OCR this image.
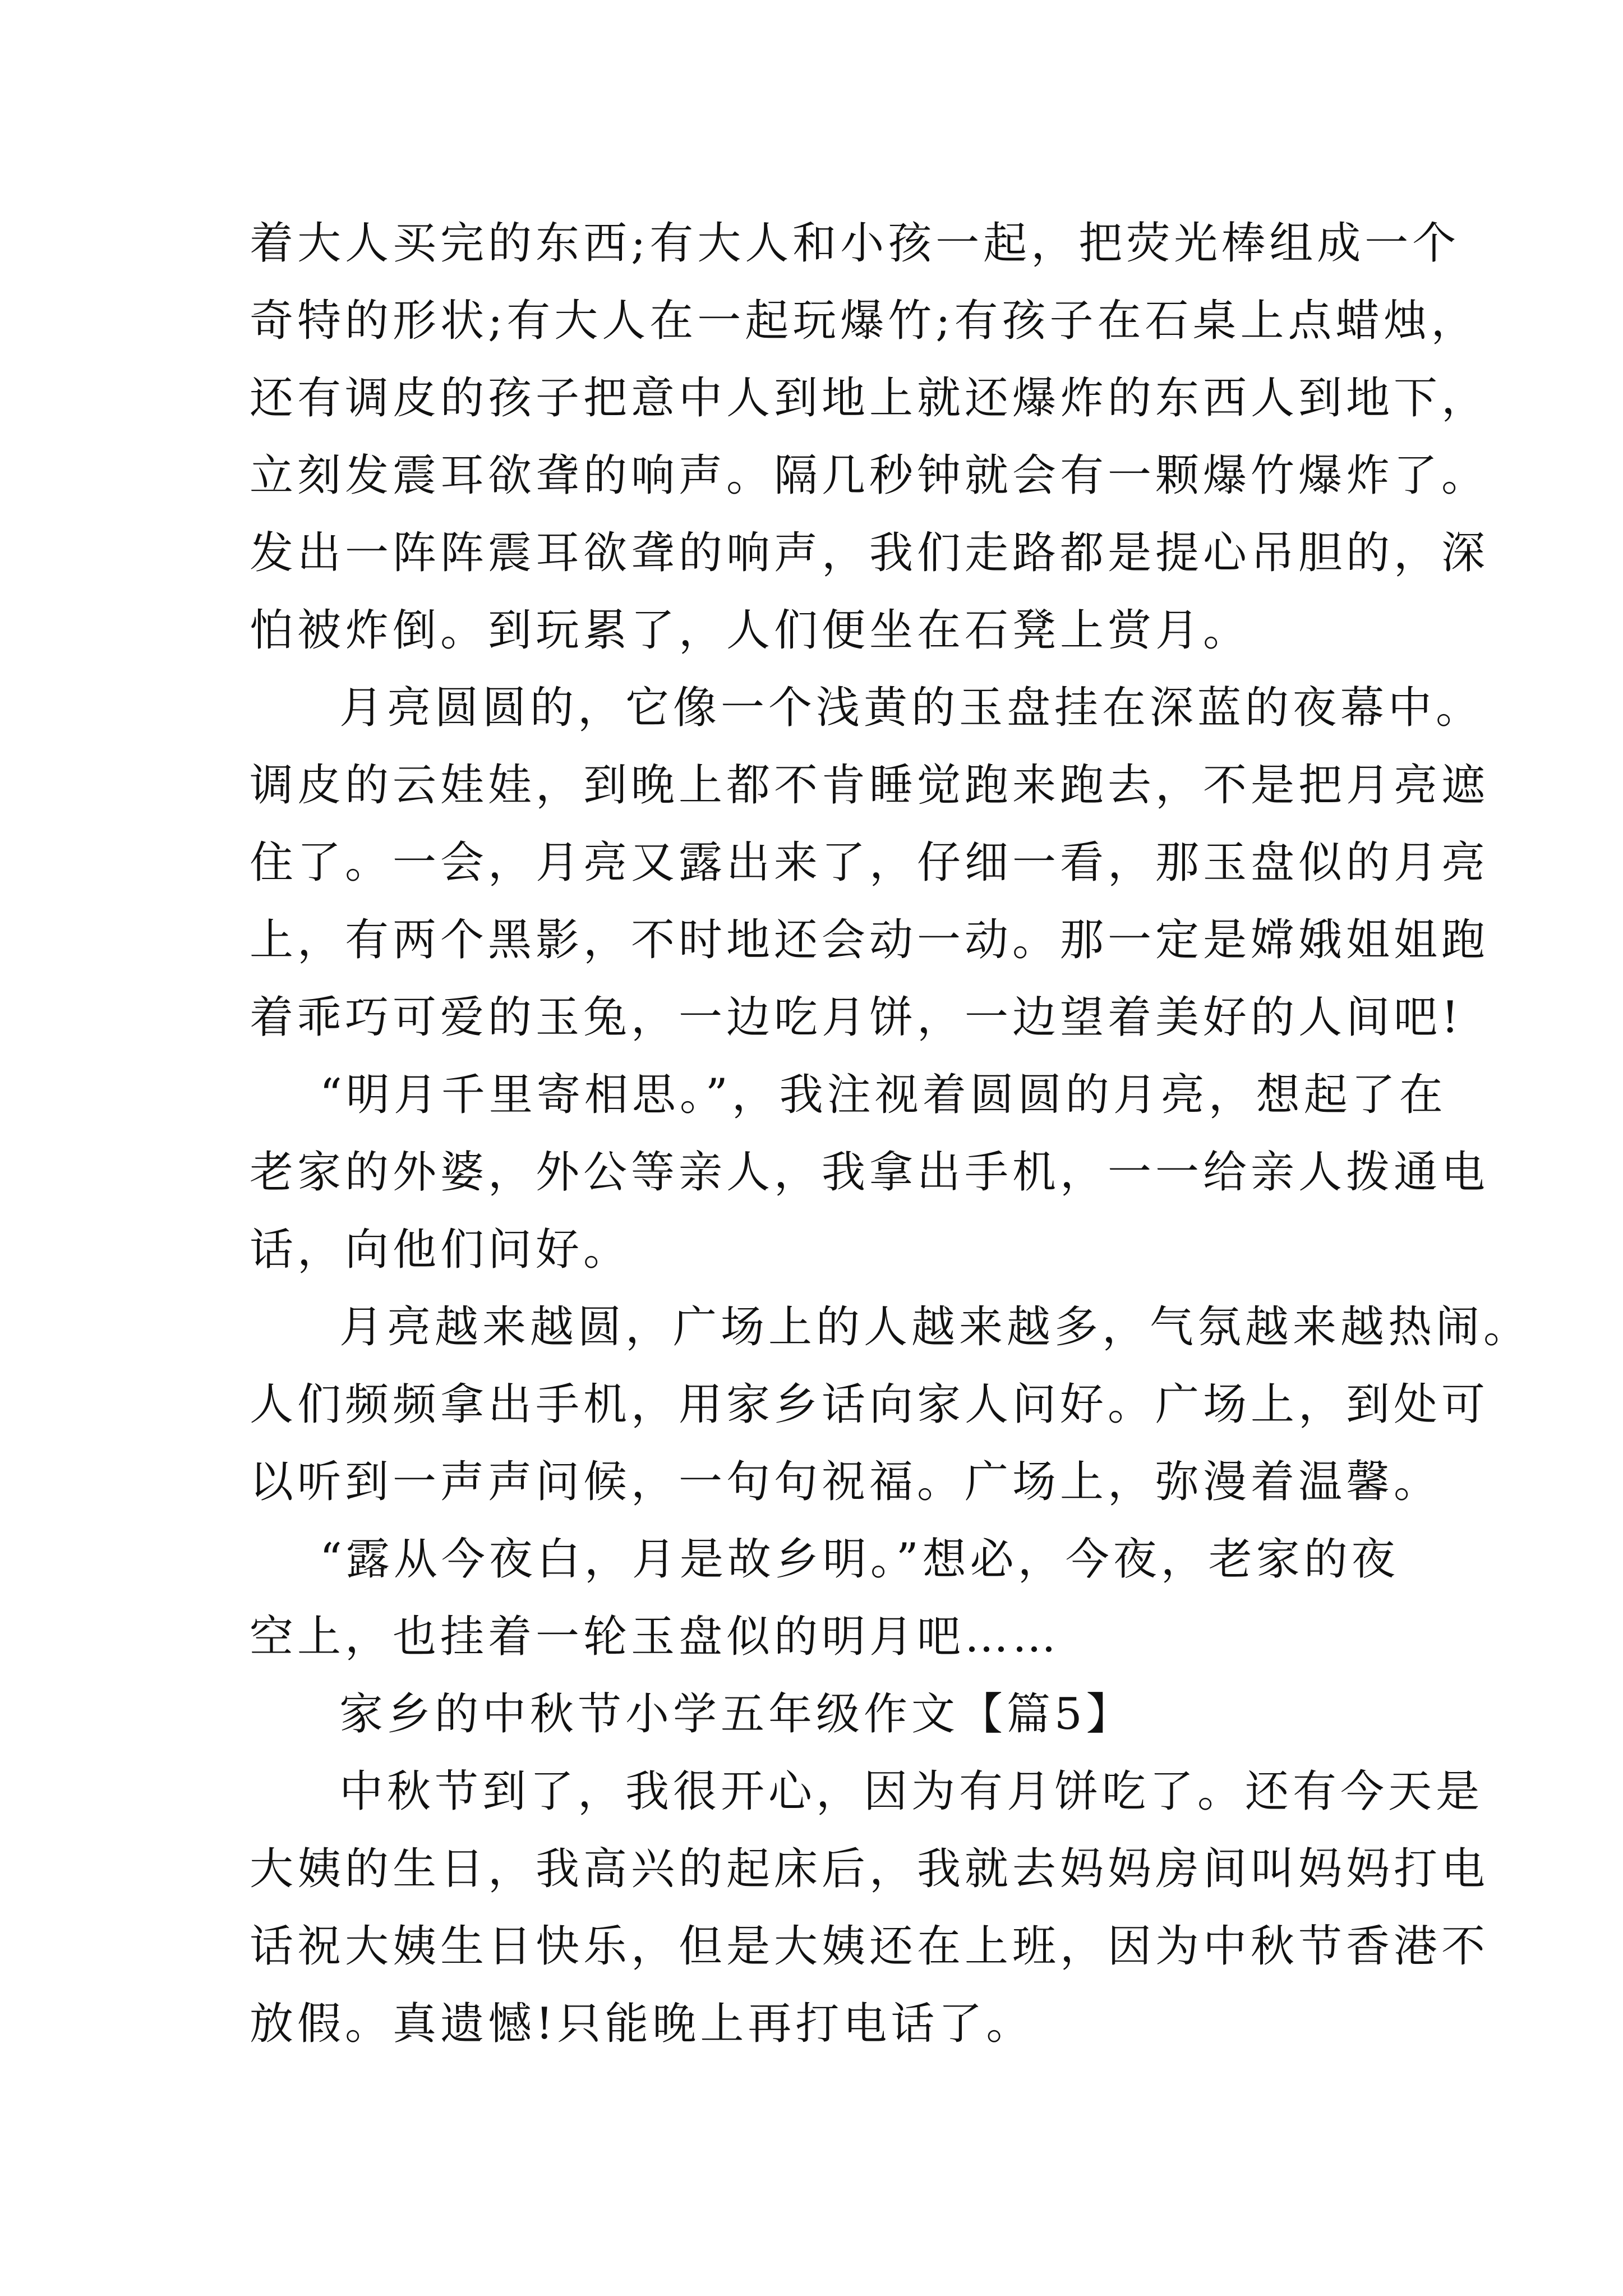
着大人买完的东西;有大人和小孩一起，把荧光棒组成一个
奇特的形状;有大人在一起玩爆竹;有孩子在石桌上点蜡烛，
还有调皮的孩子把意中人到地上就还爆炸的东西人到地下，
立刻发震耳欲聋的响声。隔几秒钟就会有一颗爆竹爆炸了。
发出一阵阵震耳欲聋的响声，我们走路都是提心吊胆的，深
怕被炸倒。到玩累了，人们便坐在石凳上赏月。
月亮圆圆的，它像一个浅黄的玉盘挂在深蓝的夜幕中。
调皮的云娃娃，到晚上都不肯睡觉跑来跑去，不是把月亮遮
住了。一会，月亮又露出来了，仔细一看，那玉盘似的月亮
上，有两个黑影，不时地还会动一动。那一定是嫦娥姐姐跑
着乖巧可爱的玉兔，一边吃月饼，一边望着美好的人间吧!
“明月千里寄相思。”，我注视着圆圆的月亮，想起了在
老家的外婆，外公等亲人，我拿出手机，一一给亲人拨通电
话，向他们问好。
月亮越来越圆，广场上的人越来越多，气氛越来越热闹。
人们频频拿出手机，用家乡话向家人问好。广场上，到处可
以听到一声声问候，一句句祝福。广场上，弥漫着温馨。
“露从今夜白，月是故乡明。”想必，今夜，老家的夜
空上，也挂着一轮玉盘似的明月吧……
家乡的中秋节小学五年级作文【篇5】
中秋节到了，我很开心，因为有月饼吃了。还有今天是
大姨的生日，我高兴的起床后，我就去妈妈房间叫妈妈打电
话祝大姨生日快乐，但是大姨还在上班，因为中秋节香港不
放假。真遗憾!只能晚上再打电话了。
